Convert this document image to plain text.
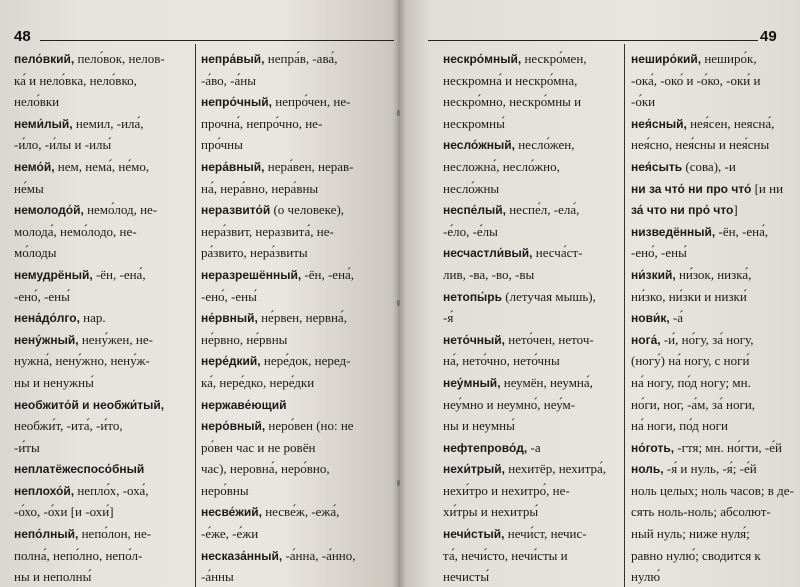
48
пело́вкий, пело́вок, нелов-
ка́ и нело́вка, нело́вко,
нело́вки
неми́лый, немил, -ила́,
-и́ло, -и́лы и -илы́
немо́й, нем, нема́, не́мо,
не́мы
немолодо́й, немо́лод, не-
молода́, немо́лодо, не-
мо́лоды
немудрёный, -ён, -ена́,
-ено́, -ены́
нена́до́лго, нар.
нену́жный, нену́жен, не-
нужна́, нену́жно, нену́ж-
ны и ненужны́
необжито́й и необжи́тый,
необжи́т, -ита́, -и́то,
-и́ты
неплатёжеспосо́бный
неплохо́й, непло́х, -оха́,
-о́хо, -о́хи [и -охи́]
непо́лный, непо́лон, не-
полна́, непо́лно, непо́л-
ны и неполны́
непра́вый, непра́в, -ава́,
-а́во, -а́ны
непро́чный, непро́чен, не-
прочна́, непро́чно, не-
про́чны
нера́вный, нера́вен, нерав-
на́, нера́вно, нера́вны
неразвито́й (о человеке),
нера́звит, неразвита́, не-
ра́звито, нера́звиты
неразрешённый, -ён, -ена́,
-ено́, -ены́
не́рвный, не́рвен, нервна́,
не́рвно, не́рвны
нере́дкий, нере́док, неред-
ка́, нере́дко, нере́дки
нержаве́ющий
неро́вный, неро́вен (но: не
ро́вен час и не ровён
час), неровна́, неро́вно,
неро́вны
несве́жий, несве́ж, -ежа́,
-е́же, -е́жи
несказа́нный, -а́нна, -а́нно,
-а́нны
49
нескро́мный, нескро́мен,
нескромна́ и нескро́мна,
нескро́мно, нескро́мны и
нескромны́
несло́жный, несло́жен,
несложна́, несло́жно,
несло́жны
неспе́лый, неспе́л, -ела́,
-е́ло, -е́лы
несчастли́вый, несча́ст-
лив, -ва, -во, -вы
нетопы́рь (летучая мышь),
-я́
нето́чный, нето́чен, неточ-
на́, нето́чно, нето́чны
неу́мный, неумён, неумна́,
неу́мно и неумно́, неу́м-
ны и неумны́
нефтепрово́д, -а
нехи́трый, нехитёр, нехитра́,
нехи́тро и нехитро́, не-
хи́тры и нехитры́
нечи́стый, нечи́ст, нечис-
та́, нечи́сто, нечи́сты и
нечисты́
неширо́кий, неширо́к,
-ока́, -око́ и -о́ко, -оки́ и
-о́ки
нея́сный, нея́сен, неясна́,
нея́сно, нея́сны и нея́сны
нея́сыть (сова), -и
ни за что́ ни про что́ [и ни
за́ что ни про́ что]
низведённый, -ён, -ена́,
-ено́, -ены́
ни́зкий, ни́зок, низка́,
ни́зко, ни́зки и низки́
нови́к, -а́
нога́, -и́, но́гу, за́ ногу,
(ногу́) на́ ногу, с ноги́
на́ ногу, по́д ногу; мн.
но́ги, ног, -а́м, за́ ноги,
на́ ноги, по́д ноги
но́готь, -гтя; мн. но́гти, -е́й
ноль, -я́ и нуль, -я́; -е́й
ноль целых; ноль часов; в де-
сять ноль-ноль; абсолют-
ный нуль; ниже нуля́;
равно нулю́; сводится к
нулю́
